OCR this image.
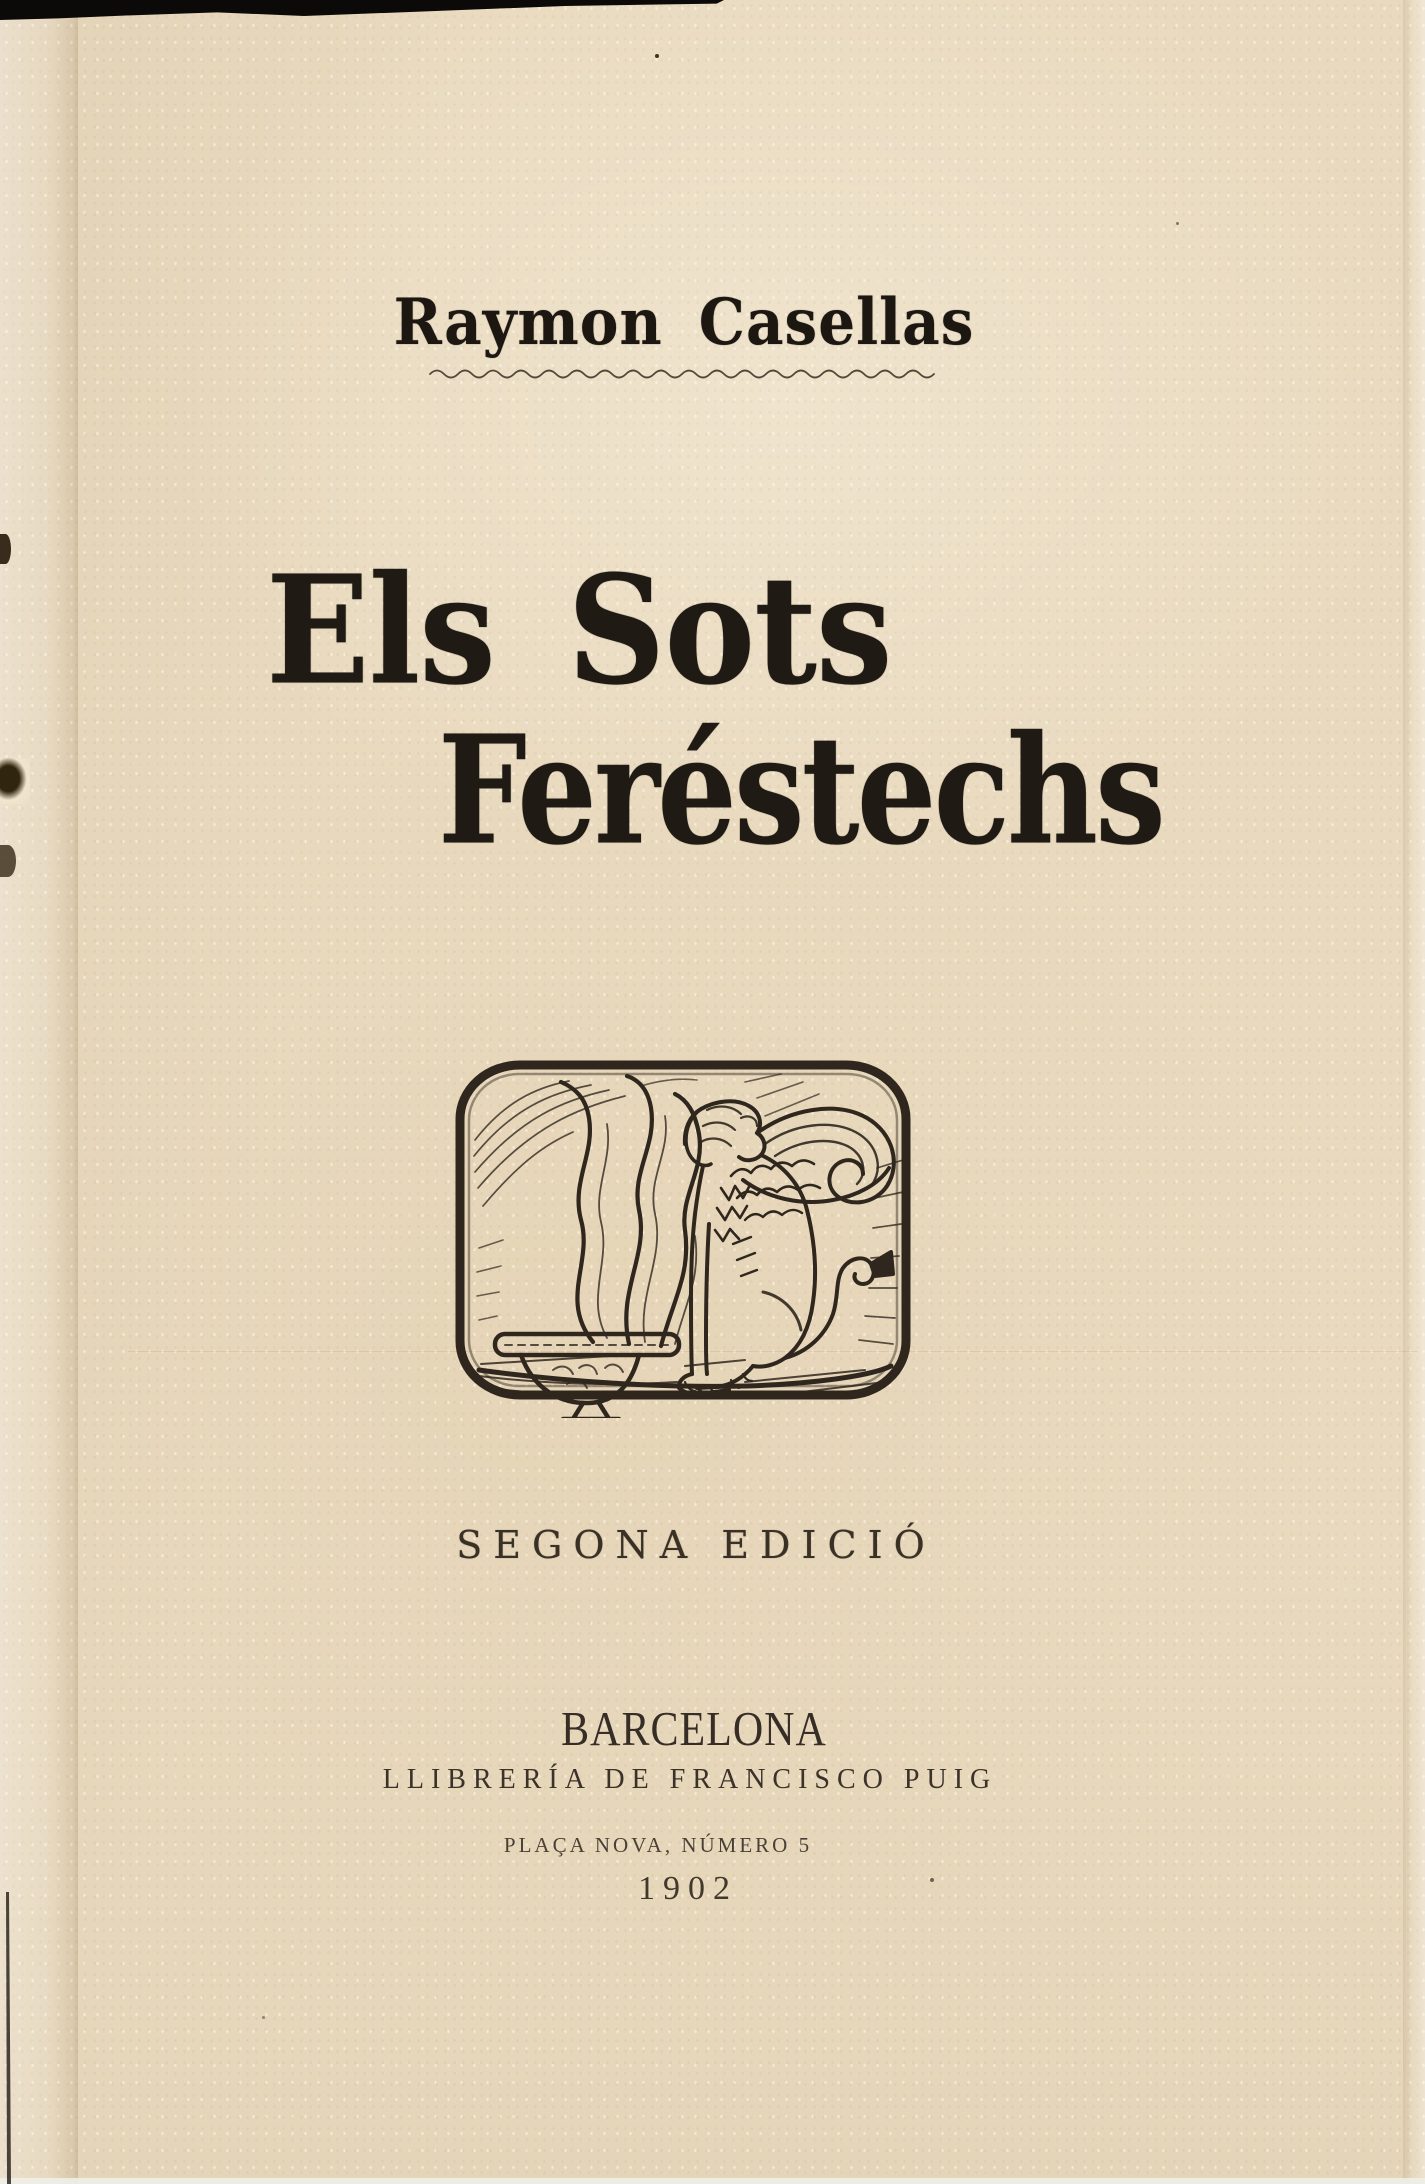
Raymon Casellas
Els Sots
Feréstechs
SEGONA EDICIÓ
BARCELONA
LLIBRERÍA DE FRANCISCO PUIG
PLAÇA NOVA, NÚMERO 5
1902
